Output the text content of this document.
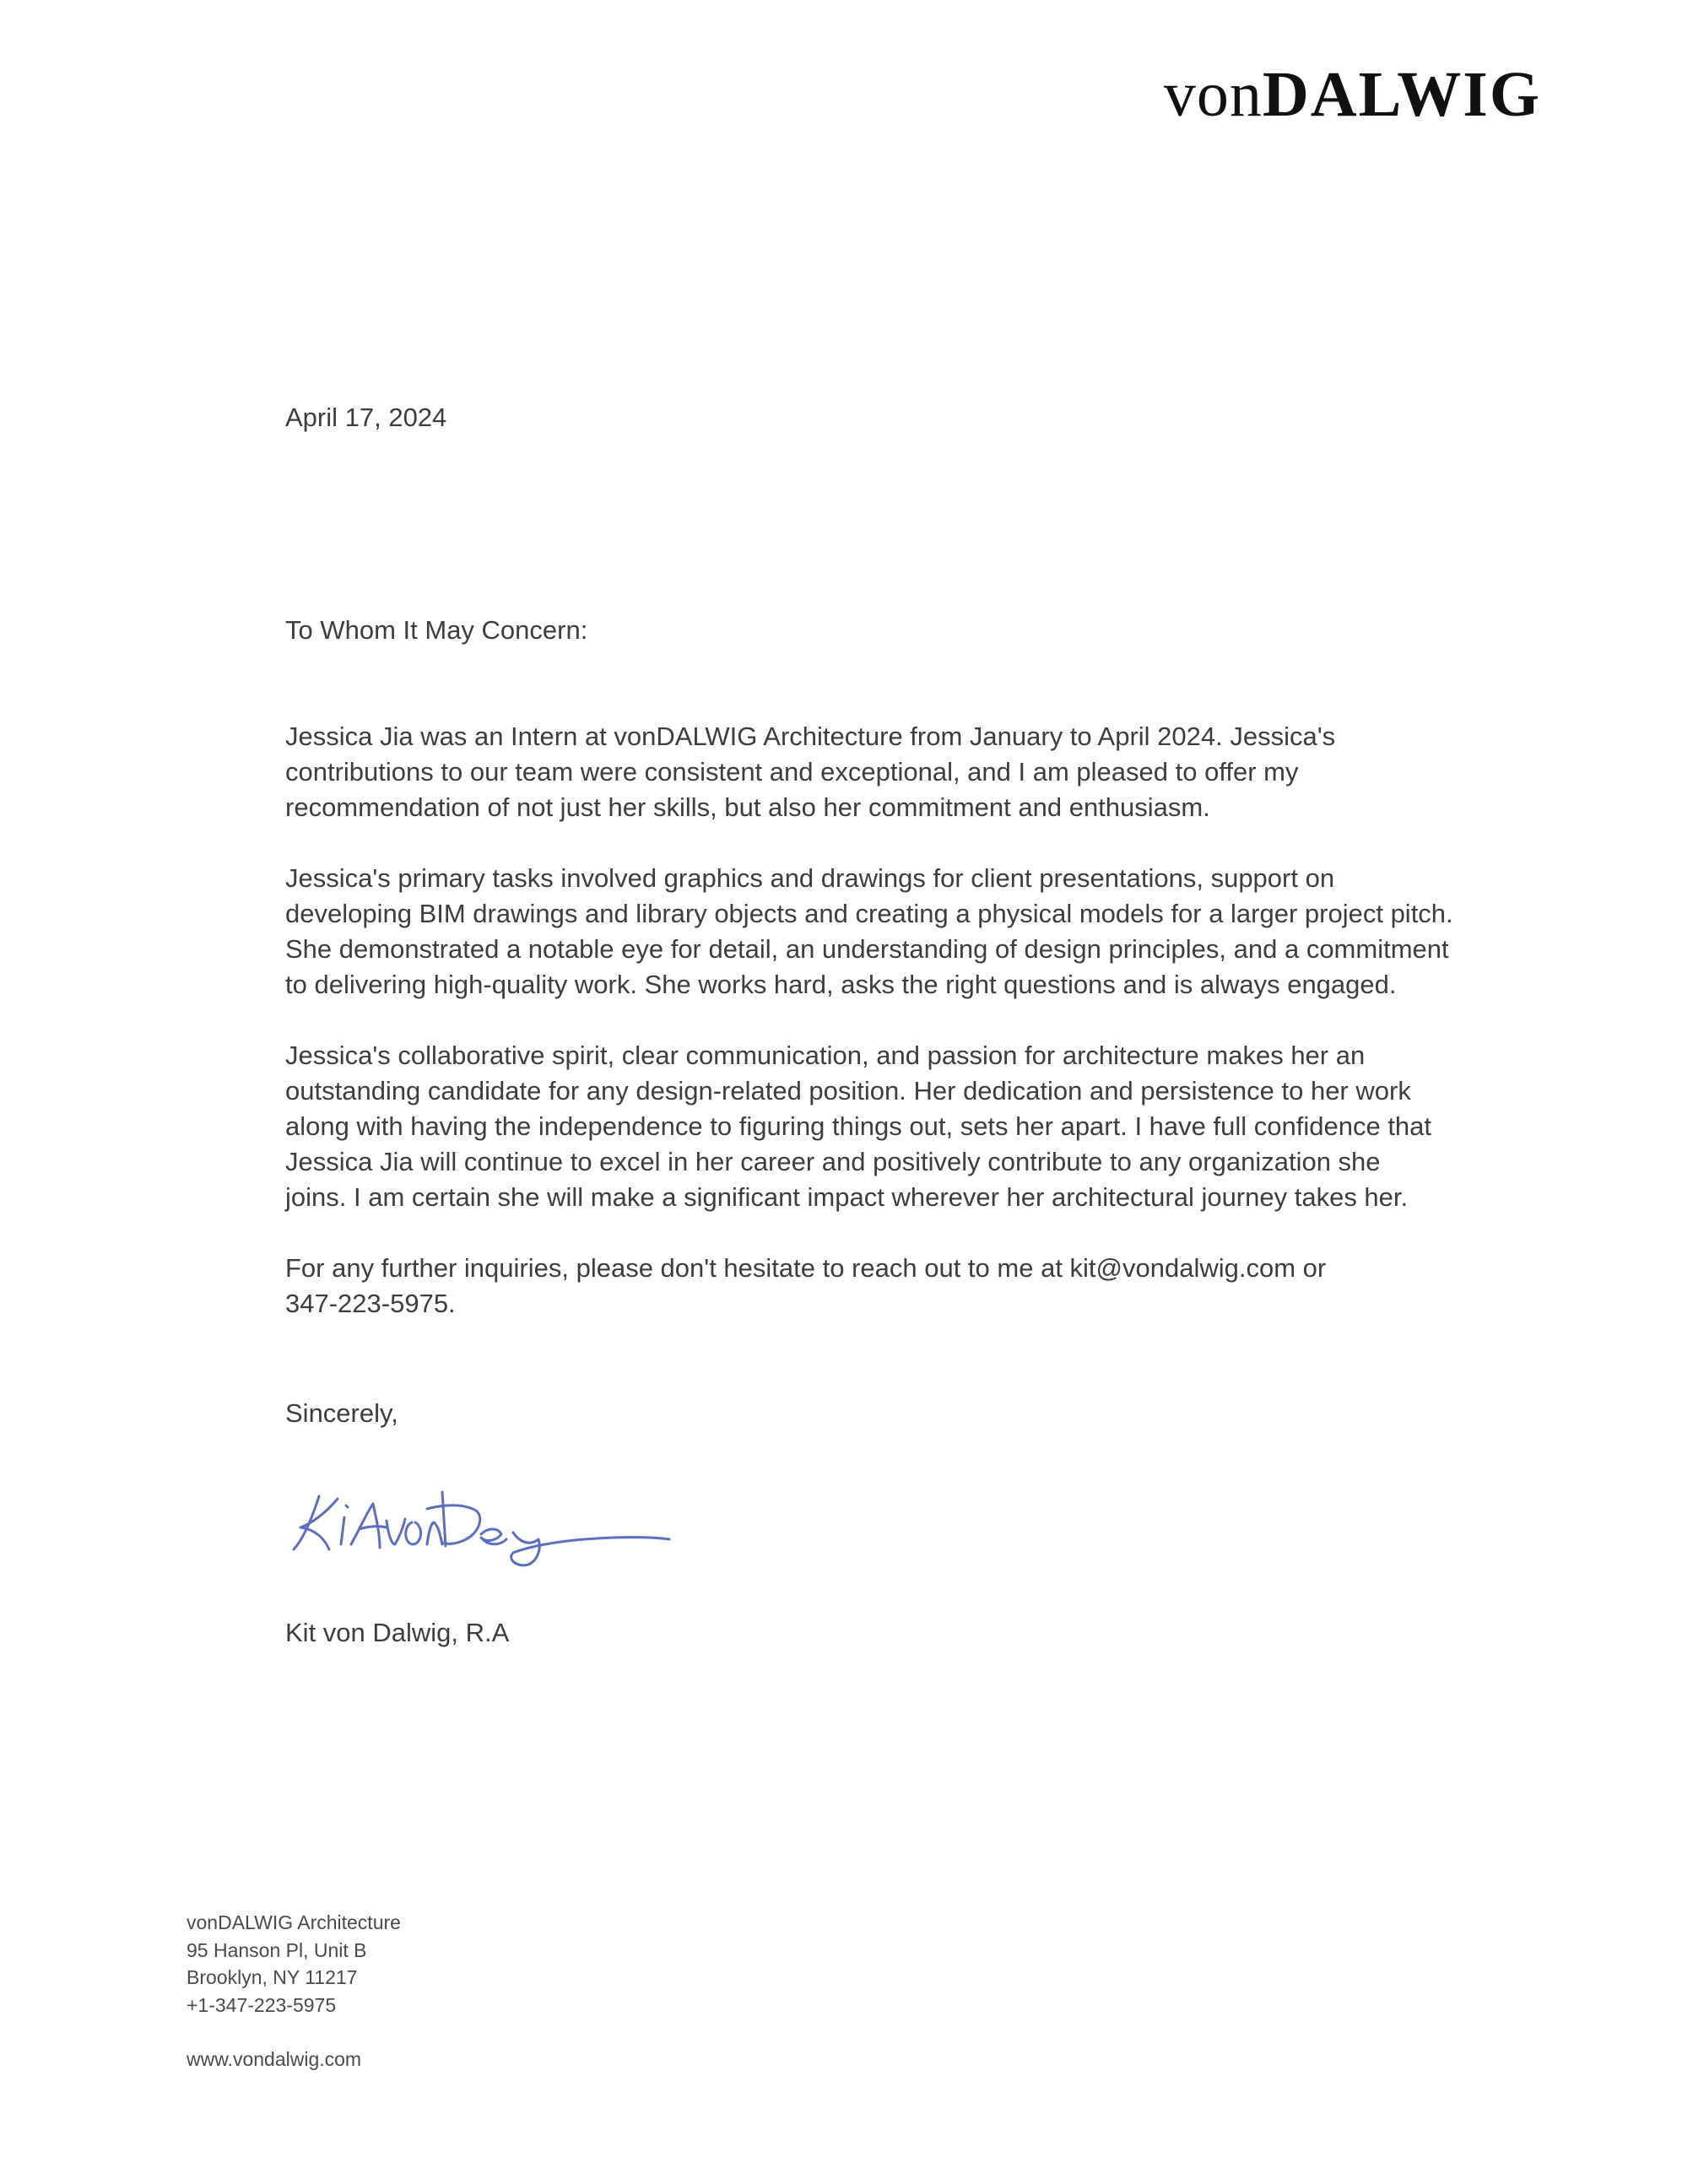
vonDALWIG
April 17, 2024
To Whom It May Concern:

Jessica Jia was an Intern at vonDALWIG Architecture from January to April 2024. Jessica's
contributions to our team were consistent and exceptional, and I am pleased to offer my
recommendation of not just her skills, but also her commitment and enthusiasm.

Jessica's primary tasks involved graphics and drawings for client presentations, support on
developing BIM drawings and library objects and creating a physical models for a larger project pitch.
She demonstrated a notable eye for detail, an understanding of design principles, and a commitment
to delivering high-quality work. She works hard, asks the right questions and is always engaged.

Jessica's collaborative spirit, clear communication, and passion for architecture makes her an
outstanding candidate for any design-related position. Her dedication and persistence to her work
along with having the independence to figuring things out, sets her apart. I have full confidence that
Jessica Jia will continue to excel in her career and positively contribute to any organization she
joins. I am certain she will make a significant impact wherever her architectural journey takes her.

For any further inquiries, please don't hesitate to reach out to me at kit@vondalwig.com or
347-223-5975.

Sincerely,
Kit von Dalwig, R.A
vonDALWIG Architecture
95 Hanson Pl, Unit B
Brooklyn, NY 11217
+1-347-223-5975
www.vondalwig.com
